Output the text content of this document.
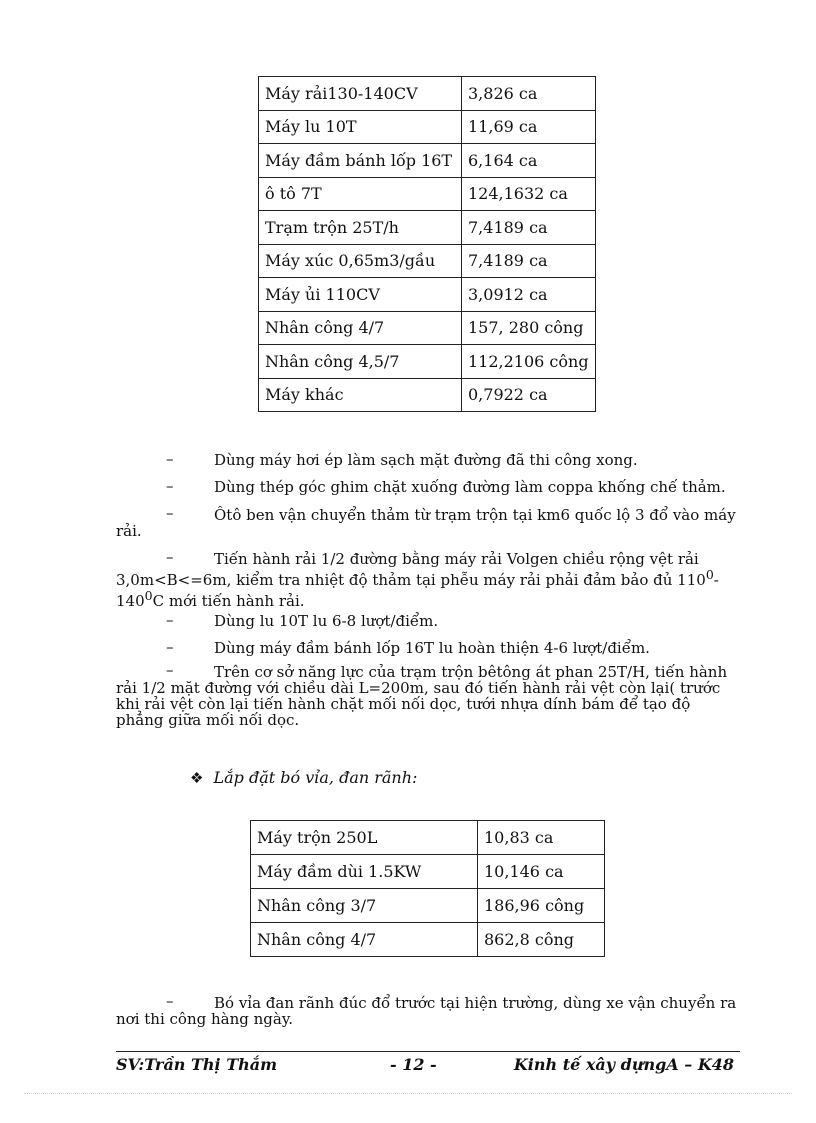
Máy rải130-140CV	3,826 ca
Máy lu 10T	11,69 ca
Máy đầm bánh lốp 16T	6,164 ca
ô tô 7T	124,1632 ca
Trạm trộn 25T/h	7,4189 ca
Máy xúc 0,65m3/gầu	7,4189 ca
Máy ủi 110CV	3,0912 ca
Nhân công 4/7	157, 280 công
Nhân công 4,5/7	112,2106 công
Máy khác	0,7922 ca
–	Dùng máy hơi ép làm sạch mặt đường đã thi công xong.
–	Dùng thép góc ghim chặt xuống đường làm coppa khống chế thảm.
–	Ôtô ben vận chuyển thảm từ trạm trộn tại km6 quốc lộ 3 đổ vào máy rải.
–	Tiến hành rải 1/2 đường bằng máy rải Volgen chiều rộng vệt rải 3,0m<B<=6m, kiểm tra nhiệt độ thảm tại phễu máy rải phải đảm bảo đủ $110^0-140^0C$ mới tiến hành rải.
–	Dùng lu 10T lu 6-8 lượt/điểm.
–	Dùng máy đầm bánh lốp 16T lu hoàn thiện 4-6 lượt/điểm.
–	Trên cơ sở năng lực của trạm trộn bêtông át phan 25T/H, tiến hành rải 1/2 mặt đường với chiều dài L=200m, sau đó tiến hành rải vệt còn lại( trước khi rải vệt còn lại tiến hành chặt mối nối dọc, tưới nhựa dính bám để tạo độ phẳng giữa mối nối dọc.
❖ Lắp đặt bó vỉa, đan rãnh:
Máy trộn 250L	10,83 ca
Máy đầm dùi 1.5KW	10,146 ca
Nhân công 3/7	186,96 công
Nhân công 4/7	862,8 công
–	Bó vỉa đan rãnh đúc đổ trước tại hiện trường, dùng xe vận chuyển ra nơi thi công hàng ngày.
SV:Trần Thị Thắm	- 12 -	Kinh tế xây dựngA – K48
